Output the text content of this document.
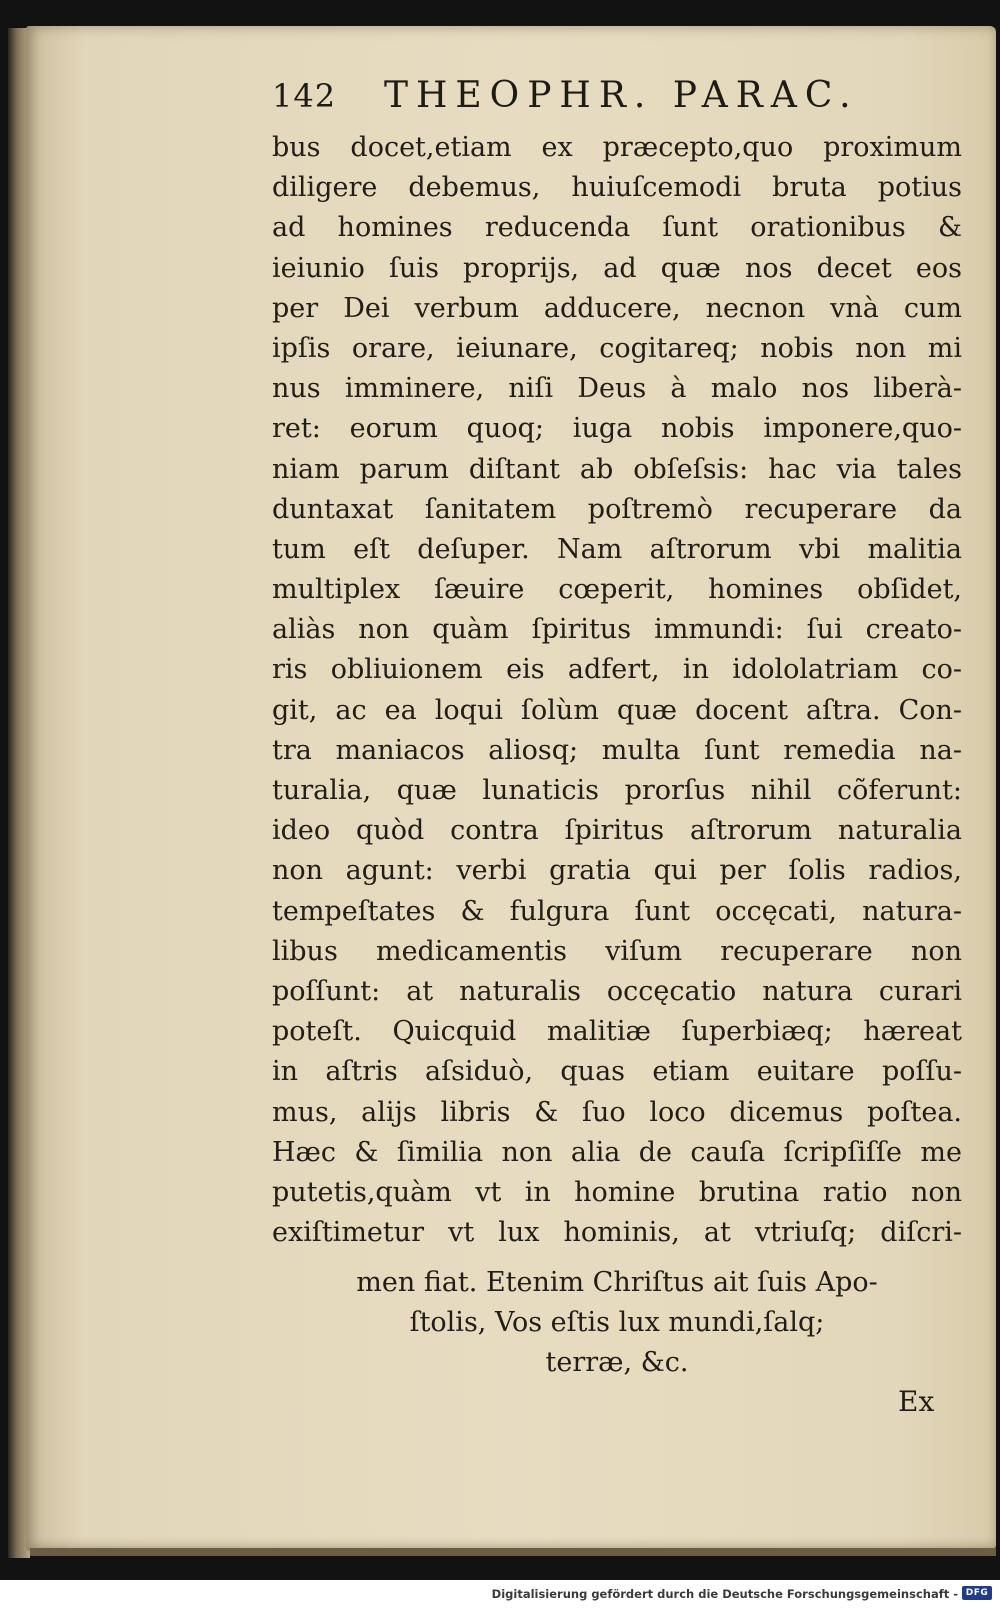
142 THEOPHR. PARAC.
bus docet,etiam ex præcepto,quo proximum
diligere debemus, huiuſcemodi bruta potius
ad homines reducenda ſunt orationibus &
ieiunio ſuis proprijs, ad quæ nos decet eos
per Dei verbum adducere, necnon vnà cum
ipſis orare, ieiunare, cogitareq; nobis non mi
nus imminere, niſi Deus à malo nos liberà-
ret: eorum quoq; iuga nobis imponere,quo-
niam parum diſtant ab obſeſsis: hac via tales
duntaxat ſanitatem poſtremò recuperare da
tum eſt deſuper. Nam aſtrorum vbi malitia
multiplex ſæuire cœperit, homines obſidet,
aliàs non quàm ſpiritus immundi: ſui creato-
ris obliuionem eis adfert, in idololatriam co-
git, ac ea loqui ſolùm quæ docent aſtra. Con-
tra maniacos aliosq; multa ſunt remedia na-
turalia, quæ lunaticis prorſus nihil cõferunt:
ideo quòd contra ſpiritus aſtrorum naturalia
non agunt: verbi gratia qui per ſolis radios,
tempeſtates & fulgura ſunt occęcati, natura-
libus medicamentis viſum recuperare non
poſſunt: at naturalis occęcatio natura curari
poteſt. Quicquid malitiæ ſuperbiæq; hæreat
in aſtris aſsiduò, quas etiam euitare poſſu-
mus, alijs libris & ſuo loco dicemus poſtea.
Hæc & ſimilia non alia de cauſa ſcripſiſſe me
putetis,quàm vt in homine brutina ratio non
exiſtimetur vt lux hominis, at vtriuſq; diſcri-
men fiat. Etenim Chriſtus ait ſuis Apo-
ſtolis, Vos eſtis lux mundi,ſalq;
terræ, &c.
Ex
Digitalisierung gefördert durch die Deutsche Forschungsgemeinschaft - DFG
